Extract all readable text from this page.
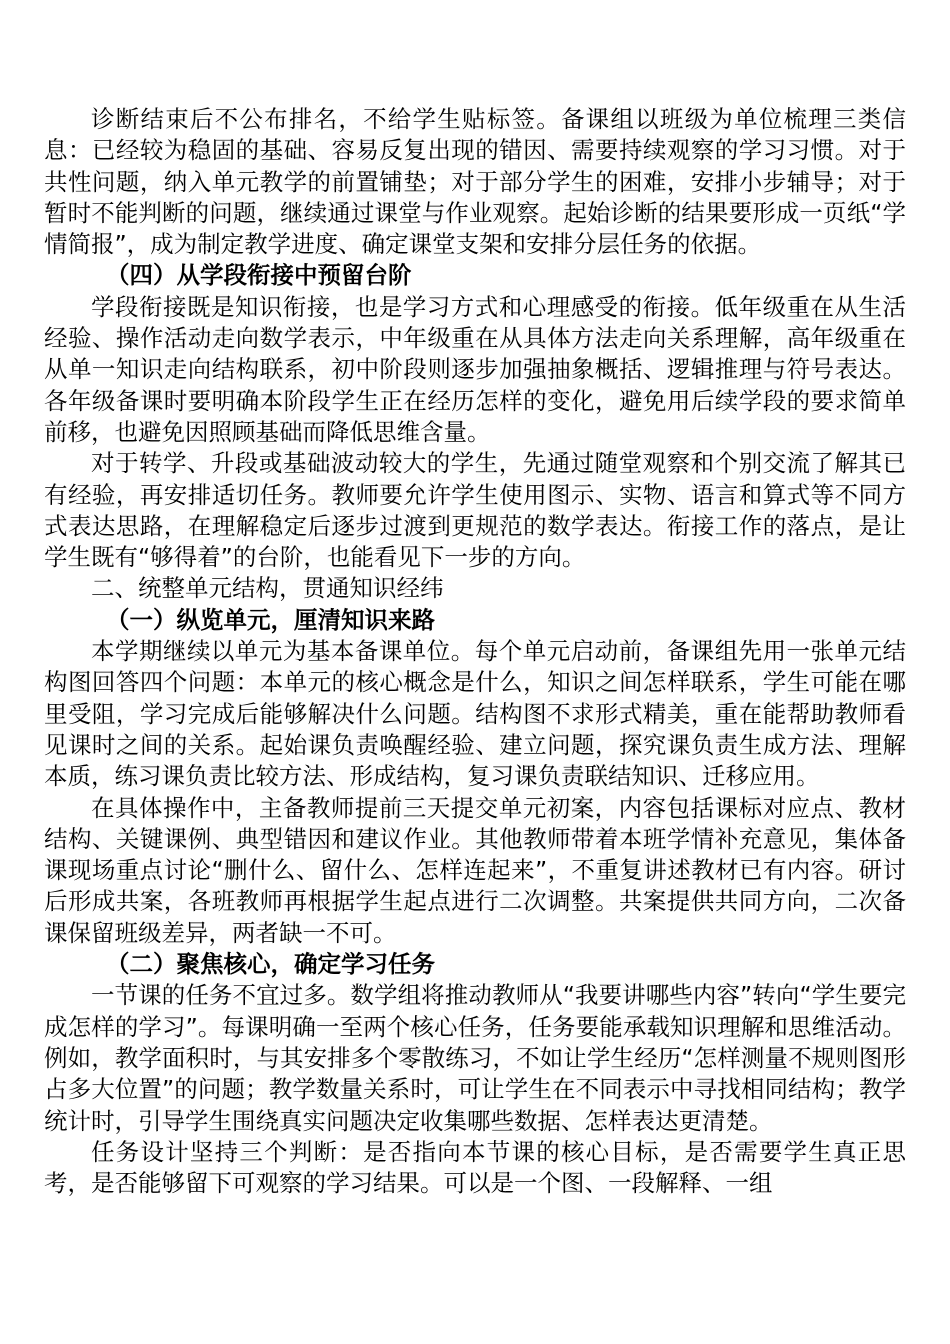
诊断结束后不公布排名，不给学生贴标签。备课组以班级为单位梳理三类信息：已经较为稳固的基础、容易反复出现的错因、需要持续观察的学习习惯。对于共性问题，纳入单元教学的前置铺垫；对于部分学生的困难，安排小步辅导；对于暂时不能判断的问题，继续通过课堂与作业观察。起始诊断的结果要形成一页纸“学情简报”，成为制定教学进度、确定课堂支架和安排分层任务的依据。

（四）从学段衔接中预留台阶

学段衔接既是知识衔接，也是学习方式和心理感受的衔接。低年级重在从生活经验、操作活动走向数学表示，中年级重在从具体方法走向关系理解，高年级重在从单一知识走向结构联系，初中阶段则逐步加强抽象概括、逻辑推理与符号表达。各年级备课时要明确本阶段学生正在经历怎样的变化，避免用后续学段的要求简单前移，也避免因照顾基础而降低思维含量。

对于转学、升段或基础波动较大的学生，先通过随堂观察和个别交流了解其已有经验，再安排适切任务。教师要允许学生使用图示、实物、语言和算式等不同方式表达思路，在理解稳定后逐步过渡到更规范的数学表达。衔接工作的落点，是让学生既有“够得着”的台阶，也能看见下一步的方向。

二、统整单元结构，贯通知识经纬

（一）纵览单元，厘清知识来路

本学期继续以单元为基本备课单位。每个单元启动前，备课组先用一张单元结构图回答四个问题：本单元的核心概念是什么，知识之间怎样联系，学生可能在哪里受阻，学习完成后能够解决什么问题。结构图不求形式精美，重在能帮助教师看见课时之间的关系。起始课负责唤醒经验、建立问题，探究课负责生成方法、理解本质，练习课负责比较方法、形成结构，复习课负责联结知识、迁移应用。

在具体操作中，主备教师提前三天提交单元初案，内容包括课标对应点、教材结构、关键课例、典型错因和建议作业。其他教师带着本班学情补充意见，集体备课现场重点讨论“删什么、留什么、怎样连起来”，不重复讲述教材已有内容。研讨后形成共案，各班教师再根据学生起点进行二次调整。共案提供共同方向，二次备课保留班级差异，两者缺一不可。

（二）聚焦核心，确定学习任务

一节课的任务不宜过多。数学组将推动教师从“我要讲哪些内容”转向“学生要完成怎样的学习”。每课明确一至两个核心任务，任务要能承载知识理解和思维活动。例如，教学面积时，与其安排多个零散练习，不如让学生经历“怎样测量不规则图形占多大位置”的问题；教学数量关系时，可让学生在不同表示中寻找相同结构；教学统计时，引导学生围绕真实问题决定收集哪些数据、怎样表达更清楚。

任务设计坚持三个判断：是否指向本节课的核心目标，是否需要学生真正思考，是否能够留下可观察的学习结果。可以是一个图、一段解释、一组
